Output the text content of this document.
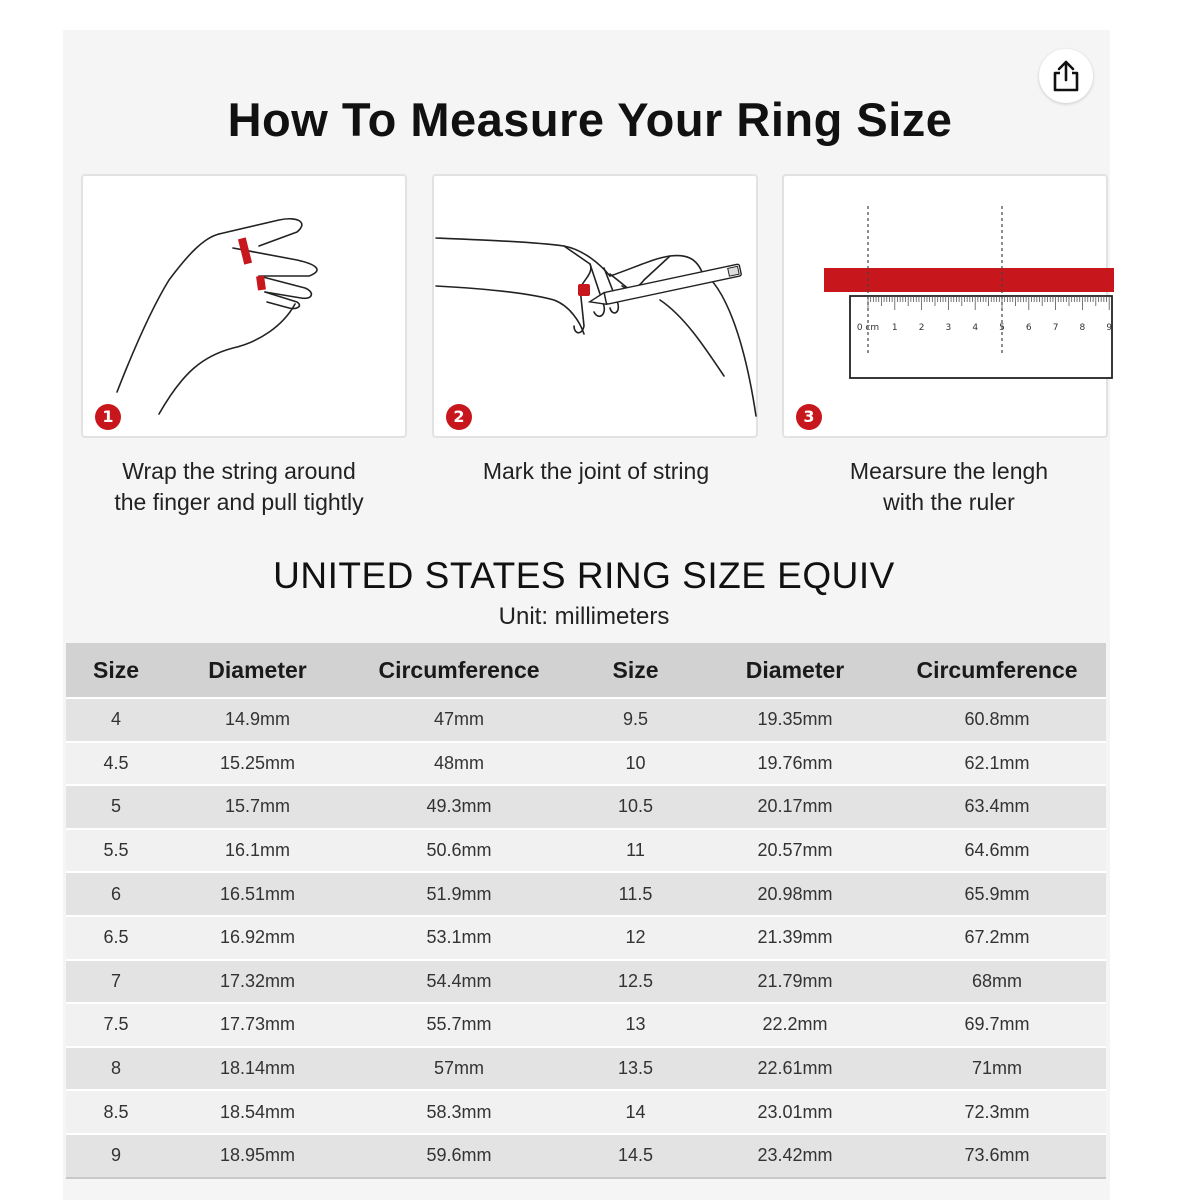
How To Measure Your Ring Size
1	2
0 cm 1 2 3 4 5 6 7 8 9
3
Wrap the string around
the finger and pull tightly
Mark the joint of string	Mearsure the lengh
with the ruler
UNITED STATES RING SIZE EQUIV
Unit: millimeters
Size	Diameter	Circumference	Size	Diameter	Circumference
4	14.9mm	47mm	9.5	19.35mm	60.8mm
4.5	15.25mm	48mm	10	19.76mm	62.1mm
5	15.7mm	49.3mm	10.5	20.17mm	63.4mm
5.5	16.1mm	50.6mm	11	20.57mm	64.6mm
6	16.51mm	51.9mm	11.5	20.98mm	65.9mm
6.5	16.92mm	53.1mm	12	21.39mm	67.2mm
7	17.32mm	54.4mm	12.5	21.79mm	68mm
7.5	17.73mm	55.7mm	13	22.2mm	69.7mm
8	18.14mm	57mm	13.5	22.61mm	71mm
8.5	18.54mm	58.3mm	14	23.01mm	72.3mm
9	18.95mm	59.6mm	14.5	23.42mm	73.6mm
